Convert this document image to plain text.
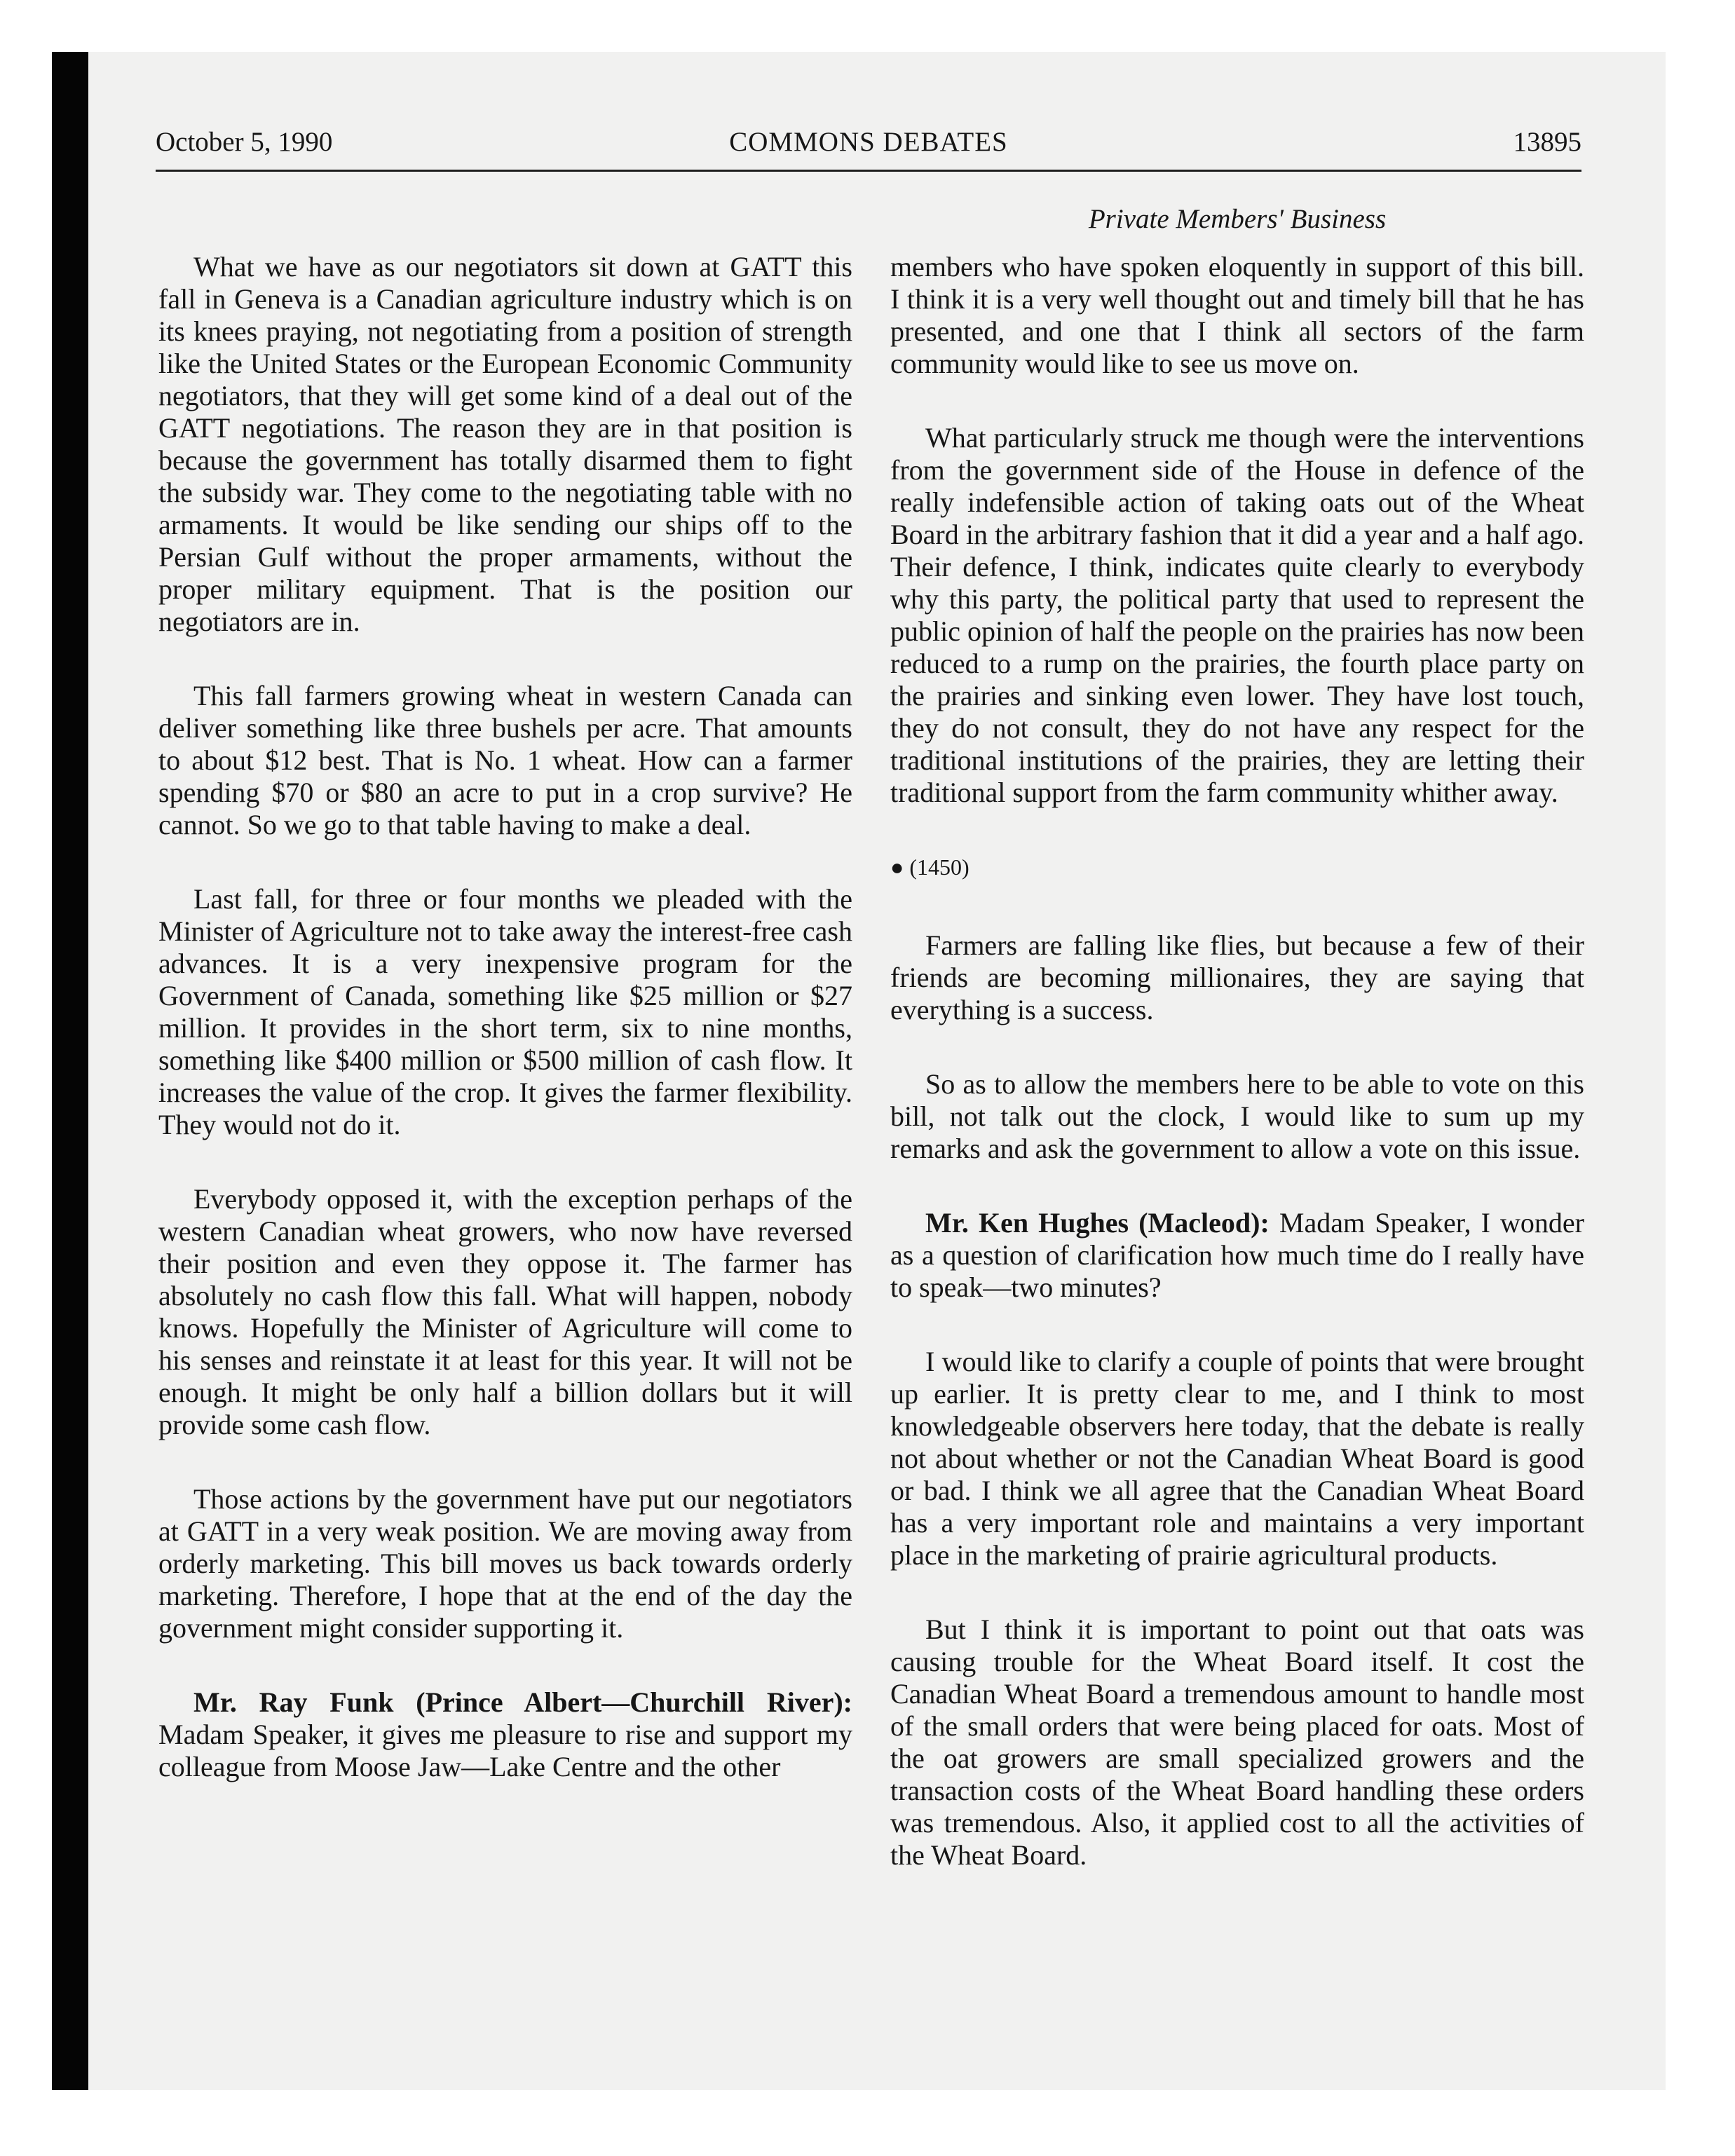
October 5, 1990	COMMONS DEBATES	13895
Private Members' Business

What we have as our negotiators sit down at GATT this fall in Geneva is a Canadian agriculture industry which is on its knees praying, not negotiating from a position of strength like the United States or the European Economic Community negotiators, that they will get some kind of a deal out of the GATT negotiations. The reason they are in that position is because the government has totally disarmed them to fight the subsidy war. They come to the negotiating table with no armaments. It would be like sending our ships off to the Persian Gulf without the proper armaments, without the proper military equipment. That is the position our negotiators are in.

This fall farmers growing wheat in western Canada can deliver something like three bushels per acre. That amounts to about $12 best. That is No. 1 wheat. How can a farmer spending $70 or $80 an acre to put in a crop survive? He cannot. So we go to that table having to make a deal.

Last fall, for three or four months we pleaded with the Minister of Agriculture not to take away the interest-free cash advances. It is a very inexpensive program for the Government of Canada, something like $25 million or $27 million. It provides in the short term, six to nine months, something like $400 million or $500 million of cash flow. It increases the value of the crop. It gives the farmer flexibility. They would not do it.

Everybody opposed it, with the exception perhaps of the western Canadian wheat growers, who now have reversed their position and even they oppose it. The farmer has absolutely no cash flow this fall. What will happen, nobody knows. Hopefully the Minister of Agriculture will come to his senses and reinstate it at least for this year. It will not be enough. It might be only half a billion dollars but it will provide some cash flow.

Those actions by the government have put our negotiators at GATT in a very weak position. We are moving away from orderly marketing. This bill moves us back towards orderly marketing. Therefore, I hope that at the end of the day the government might consider supporting it.

Mr. Ray Funk (Prince Albert—Churchill River): Madam Speaker, it gives me pleasure to rise and support my colleague from Moose Jaw—Lake Centre and the other

members who have spoken eloquently in support of this bill. I think it is a very well thought out and timely bill that he has presented, and one that I think all sectors of the farm community would like to see us move on.

What particularly struck me though were the interventions from the government side of the House in defence of the really indefensible action of taking oats out of the Wheat Board in the arbitrary fashion that it did a year and a half ago. Their defence, I think, indicates quite clearly to everybody why this party, the political party that used to represent the public opinion of half the people on the prairies has now been reduced to a rump on the prairies, the fourth place party on the prairies and sinking even lower. They have lost touch, they do not consult, they do not have any respect for the traditional institutions of the prairies, they are letting their traditional support from the farm community whither away.

● (1450)

Farmers are falling like flies, but because a few of their friends are becoming millionaires, they are saying that everything is a success.

So as to allow the members here to be able to vote on this bill, not talk out the clock, I would like to sum up my remarks and ask the government to allow a vote on this issue.

Mr. Ken Hughes (Macleod): Madam Speaker, I wonder as a question of clarification how much time do I really have to speak—two minutes?

I would like to clarify a couple of points that were brought up earlier. It is pretty clear to me, and I think to most knowledgeable observers here today, that the debate is really not about whether or not the Canadian Wheat Board is good or bad. I think we all agree that the Canadian Wheat Board has a very important role and maintains a very important place in the marketing of prairie agricultural products.

But I think it is important to point out that oats was causing trouble for the Wheat Board itself. It cost the Canadian Wheat Board a tremendous amount to handle most of the small orders that were being placed for oats. Most of the oat growers are small specialized growers and the transaction costs of the Wheat Board handling these orders was tremendous. Also, it applied cost to all the activities of the Wheat Board.
